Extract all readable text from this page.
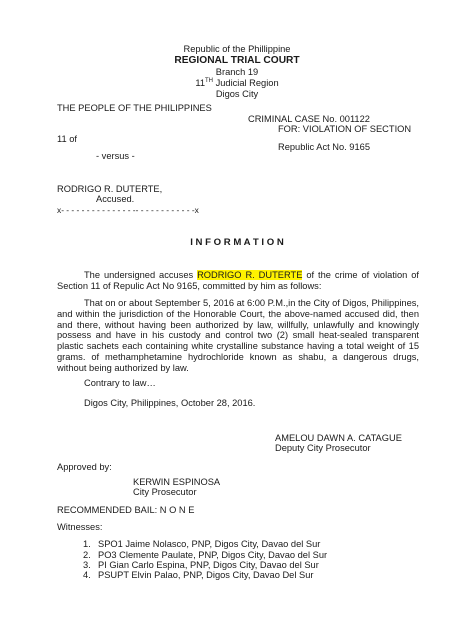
Republic of the Phillippine
REGIONAL TRIAL COURT
Branch 19
11TH Judicial Region
Digos City
THE PEOPLE OF THE PHILIPPINES
CRIMINAL CASE No. 001122
FOR: VIOLATION OF SECTION
11 of
Republic Act No. 9165
- versus -
RODRIGO R. DUTERTE,
Accused.
x- - - - - - - - - - - - - - -- - - - - - - - - - - -x
I N F O R M A T I O N
The undersigned accuses RODRIGO R. DUTERTE of the crime of violation of Section 11 of Repulic Act No 9165, committed by him as follows:
That on or about September 5, 2016 at 6:00 P.M.,in the City of Digos, Philippines, and within the jurisdiction of the Honorable Court, the above-named accused did, then and there, without having been authorized by law, willfully, unlawfully and knowingly possess and have in his custody and control two (2) small heat-sealed transparent plastic sachets each containing white crystalline substance having a total weight of 15 grams. of methamphetamine hydrochloride known as shabu, a dangerous drugs, without being authorized by law.
Contrary to law…
Digos City, Philippines, October 28, 2016.
AMELOU DAWN A. CATAGUE
Deputy City Prosecutor
Approved by:
KERWIN ESPINOSA
City Prosecutor
RECOMMENDED BAIL: N O N E
Witnesses:
1. SPO1 Jaime Nolasco, PNP, Digos City, Davao del Sur
2. PO3 Clemente Paulate, PNP, Digos City, Davao del Sur
3. PI Gian Carlo Espina, PNP, Digos City, Davao del Sur
4. PSUPT Elvin Palao, PNP, Digos City, Davao Del Sur
